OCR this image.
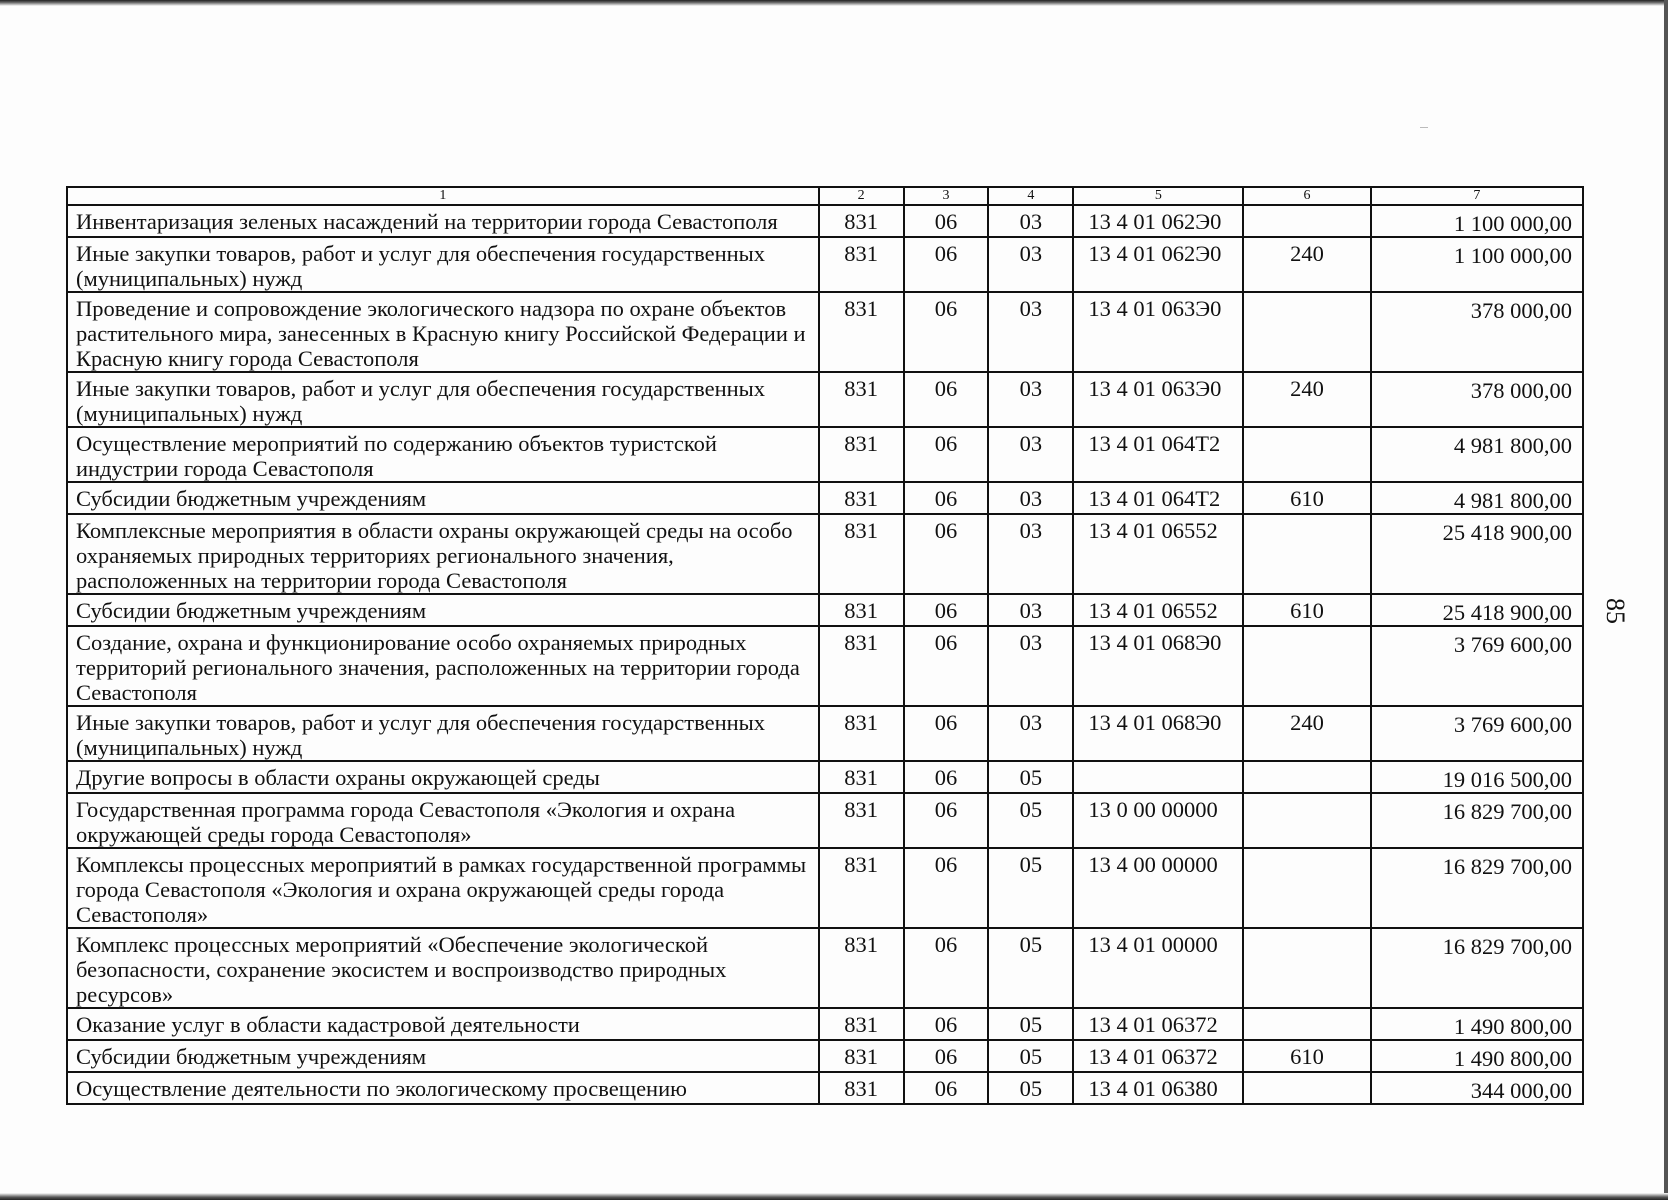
1	2	3	4	5	6	7
Инвентаризация зеленых насаждений на территории города Севастополя	831	06	03	13 4 01 062Э0		1 100 000,00
Иные закупки товаров, работ и услуг для обеспечения государственных (муниципальных) нужд	831	06	03	13 4 01 062Э0	240	1 100 000,00
Проведение и сопровождение экологического надзора по охране объектов растительного мира, занесенных в Красную книгу Российской Федерации и Красную книгу города Севастополя	831	06	03	13 4 01 063Э0		378 000,00
Иные закупки товаров, работ и услуг для обеспечения государственных (муниципальных) нужд	831	06	03	13 4 01 063Э0	240	378 000,00
Осуществление мероприятий по содержанию объектов туристской индустрии города Севастополя	831	06	03	13 4 01 064Т2		4 981 800,00
Субсидии бюджетным учреждениям	831	06	03	13 4 01 064Т2	610	4 981 800,00
Комплексные мероприятия в области охраны окружающей среды на особо охраняемых природных территориях регионального значения, расположенных на территории города Севастополя	831	06	03	13 4 01 06552		25 418 900,00
Субсидии бюджетным учреждениям	831	06	03	13 4 01 06552	610	25 418 900,00
Создание, охрана и функционирование особо охраняемых природных территорий регионального значения, расположенных на территории города Севастополя	831	06	03	13 4 01 068Э0		3 769 600,00
Иные закупки товаров, работ и услуг для обеспечения государственных (муниципальных) нужд	831	06	03	13 4 01 068Э0	240	3 769 600,00
Другие вопросы в области охраны окружающей среды	831	06	05			19 016 500,00
Государственная программа города Севастополя «Экология и охрана окружающей среды города Севастополя»	831	06	05	13 0 00 00000		16 829 700,00
Комплексы процессных мероприятий в рамках государственной программы города Севастополя «Экология и охрана окружающей среды города Севастополя»	831	06	05	13 4 00 00000		16 829 700,00
Комплекс процессных мероприятий «Обеспечение экологической безопасности, сохранение экосистем и воспроизводство природных ресурсов»	831	06	05	13 4 01 00000		16 829 700,00
Оказание услуг в области кадастровой деятельности	831	06	05	13 4 01 06372		1 490 800,00
Субсидии бюджетным учреждениям	831	06	05	13 4 01 06372	610	1 490 800,00
Осуществление деятельности по экологическому просвещению	831	06	05	13 4 01 06380		344 000,00
85
